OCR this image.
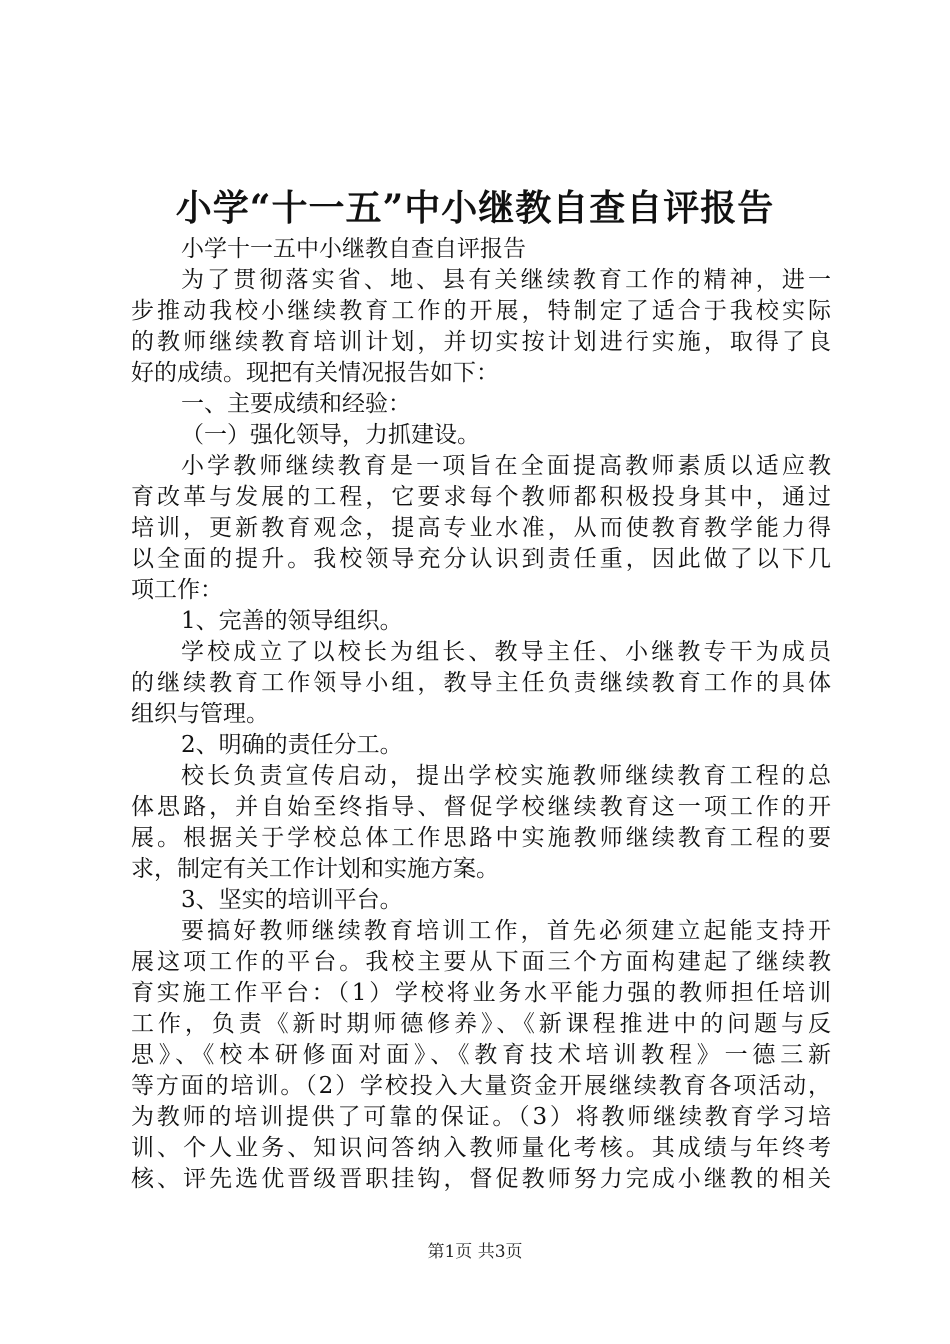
小学“十一五”中小继教自查自评报告
小学十一五中小继教自查自评报告
为了贯彻落实省、地、县有关继续教育工作的精神，进一
步推动我校小继续教育工作的开展，特制定了适合于我校实际
的教师继续教育培训计划，并切实按计划进行实施，取得了良
好的成绩。现把有关情况报告如下：
一、主要成绩和经验：
（一）强化领导，力抓建设。
小学教师继续教育是一项旨在全面提高教师素质以适应教
育改革与发展的工程，它要求每个教师都积极投身其中，通过
培训，更新教育观念，提高专业水准，从而使教育教学能力得
以全面的提升。我校领导充分认识到责任重，因此做了以下几
项工作：
1、完善的领导组织。
学校成立了以校长为组长、教导主任、小继教专干为成员
的继续教育工作领导小组，教导主任负责继续教育工作的具体
组织与管理。
2、明确的责任分工。
校长负责宣传启动，提出学校实施教师继续教育工程的总
体思路，并自始至终指导、督促学校继续教育这一项工作的开
展。根据关于学校总体工作思路中实施教师继续教育工程的要
求，制定有关工作计划和实施方案。
3、坚实的培训平台。
要搞好教师继续教育培训工作，首先必须建立起能支持开
展这项工作的平台。我校主要从下面三个方面构建起了继续教
育实施工作平台：（1）学校将业务水平能力强的教师担任培训
工作，负责《新时期师德修养》、《新课程推进中的问题与反
思》、《校本研修面对面》、《教育技术培训教程》一德三新
等方面的培训。（2）学校投入大量资金开展继续教育各项活动，
为教师的培训提供了可靠的保证。（3）将教师继续教育学习培
训、个人业务、知识问答纳入教师量化考核。其成绩与年终考
核、评先选优晋级晋职挂钩，督促教师努力完成小继教的相关
第1页 共3页
